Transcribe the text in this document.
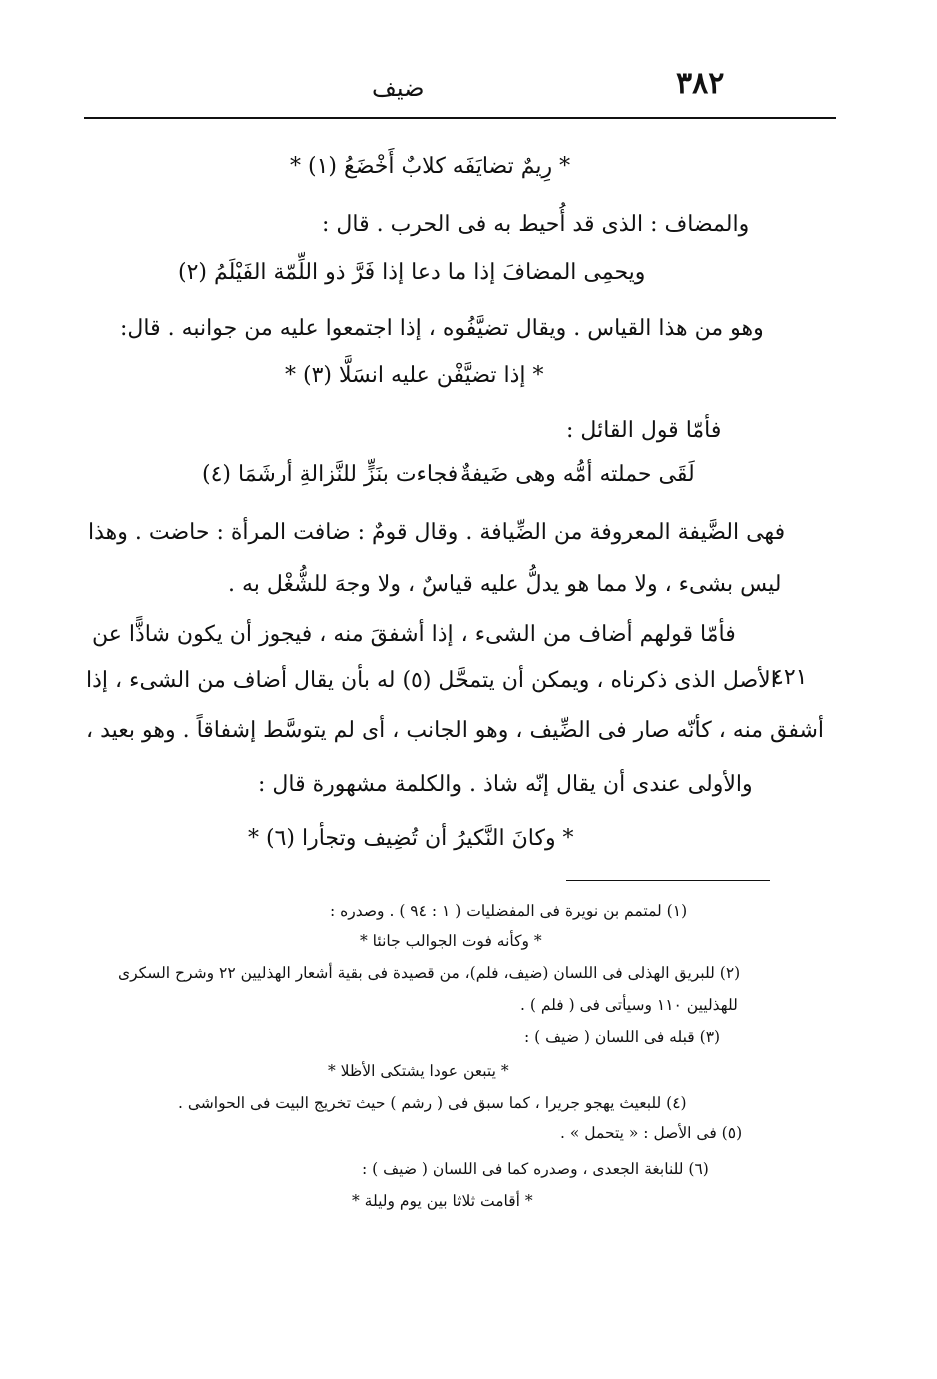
٣٨٢
ضيف
* رِيمٌ تضايَفَه كلابٌ أَخْضَعُ (١) *
والمضاف : الذى قد أُحيط به فى الحرب . قال :
ويحمِى المضافَ إذا ما دعا إذا فَرَّ ذو اللِّمّة الفَيْلَمُ (٢)
وهو من هذا القياس . ويقال تضيَّفُوه ، إذا اجتمعوا عليه من جوانبه . قال:
* إذا تضيَّفْن عليه انسَلَّا (٣) *
فأمّا قول القائل :
لَقَى حملته أمُّه وهى ضَيفةٌ
فجاءت بنَزٍّ للنَّزالةِ أرشَمَا (٤)
فهى الضَّيفة المعروفة من الضِّيافة . وقال قومٌ : ضافت المرأة : حاضت . وهذا
ليس بشىء ، ولا مما هو يدلُّ عليه قياسٌ ، ولا وجهَ للشُّغْل به .
فأمّا قولهم أضاف من الشىء ، إذا أشفقَ منه ، فيجوز أن يكون شاذًّا عن
الأصل الذى ذكرناه ، ويمكن أن يتمحَّل (٥) له بأن يقال أضاف من الشىء ، إذا
٤٢١
أشفق منه ، كأنّه صار فى الضِّيف ، وهو الجانب ، أى لم يتوسَّط إشفاقاً . وهو بعيد ،
والأولى عندى أن يقال إنّه شاذ . والكلمة مشهورة قال :
* وكانَ النَّكيرُ أن تُضِيف وتجأرا (٦) *
(١) لمتمم بن نويرة فى المفضليات ( ١ : ٩٤ ) . وصدره :
* وكأنه فوت الجوالب جانئا *
(٢) للبريق الهذلى فى اللسان (ضيف، فلم)، من قصيدة فى بقية أشعار الهذليين ٢٢ وشرح السكرى
للهذليين ١١٠ وسيأتى فى ( فلم ) .
(٣) قبله فى اللسان ( ضيف ) :
* يتبعن عودا يشتكى الأظلا *
(٤) للبعيث يهجو جريرا ، كما سبق فى ( رشم ) حيث تخريج البيت فى الحواشى .
(٥) فى الأصل : « يتحمل » .
(٦) للنابغة الجعدى ، وصدره كما فى اللسان ( ضيف ) :
* أقامت ثلاثا بين يوم وليلة *
